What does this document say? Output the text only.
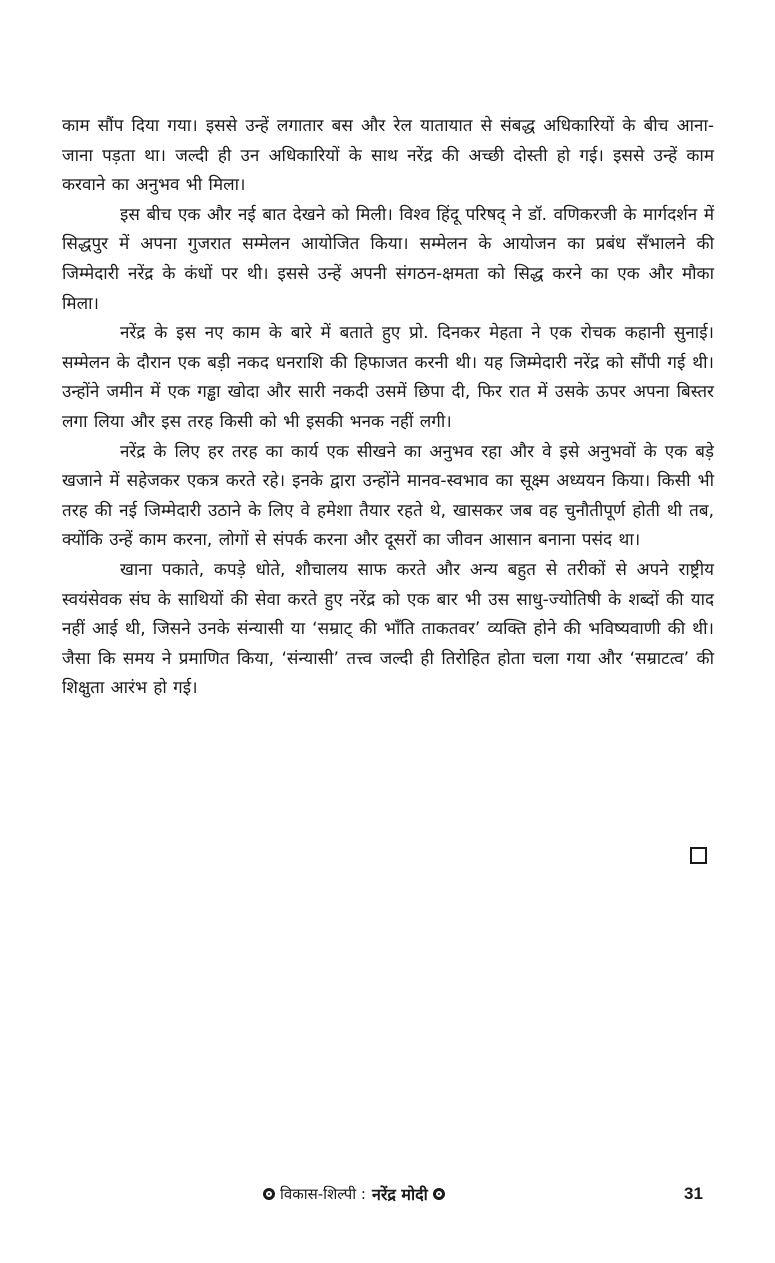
काम सौंप दिया गया। इससे उन्हें लगातार बस और रेल यातायात से संबद्ध अधिकारियों के बीच आना-जाना पड़ता था। जल्दी ही उन अधिकारियों के साथ नरेंद्र की अच्छी दोस्ती हो गई। इससे उन्हें काम करवाने का अनुभव भी मिला।

इस बीच एक और नई बात देखने को मिली। विश्व हिंदू परिषद् ने डॉ. वणिकरजी के मार्गदर्शन में सिद्धपुर में अपना गुजरात सम्मेलन आयोजित किया। सम्मेलन के आयोजन का प्रबंध सँभालने की जिम्मेदारी नरेंद्र के कंधों पर थी। इससे उन्हें अपनी संगठन-क्षमता को सिद्ध करने का एक और मौका मिला।

नरेंद्र के इस नए काम के बारे में बताते हुए प्रो. दिनकर मेहता ने एक रोचक कहानी सुनाई। सम्मेलन के दौरान एक बड़ी नकद धनराशि की हिफाजत करनी थी। यह जिम्मेदारी नरेंद्र को सौंपी गई थी। उन्होंने जमीन में एक गड्ढा खोदा और सारी नकदी उसमें छिपा दी, फिर रात में उसके ऊपर अपना बिस्तर लगा लिया और इस तरह किसी को भी इसकी भनक नहीं लगी।

नरेंद्र के लिए हर तरह का कार्य एक सीखने का अनुभव रहा और वे इसे अनुभवों के एक बड़े खजाने में सहेजकर एकत्र करते रहे। इनके द्वारा उन्होंने मानव-स्वभाव का सूक्ष्म अध्ययन किया। किसी भी तरह की नई जिम्मेदारी उठाने के लिए वे हमेशा तैयार रहते थे, खासकर जब वह चुनौतीपूर्ण होती थी तब, क्योंकि उन्हें काम करना, लोगों से संपर्क करना और दूसरों का जीवन आसान बनाना पसंद था।

खाना पकाते, कपड़े धोते, शौचालय साफ करते और अन्य बहुत से तरीकों से अपने राष्ट्रीय स्वयंसेवक संघ के साथियों की सेवा करते हुए नरेंद्र को एक बार भी उस साधु-ज्योतिषी के शब्दों की याद नहीं आई थी, जिसने उनके संन्यासी या ‘सम्राट् की भाँति ताकतवर’ व्यक्ति होने की भविष्यवाणी की थी। जैसा कि समय ने प्रमाणित किया, ‘संन्यासी’ तत्त्व जल्दी ही तिरोहित होता चला गया और ‘सम्राटत्व’ की शिक्षुता आरंभ हो गई।

विकास-शिल्पी : नरेंद्र मोदी	31
